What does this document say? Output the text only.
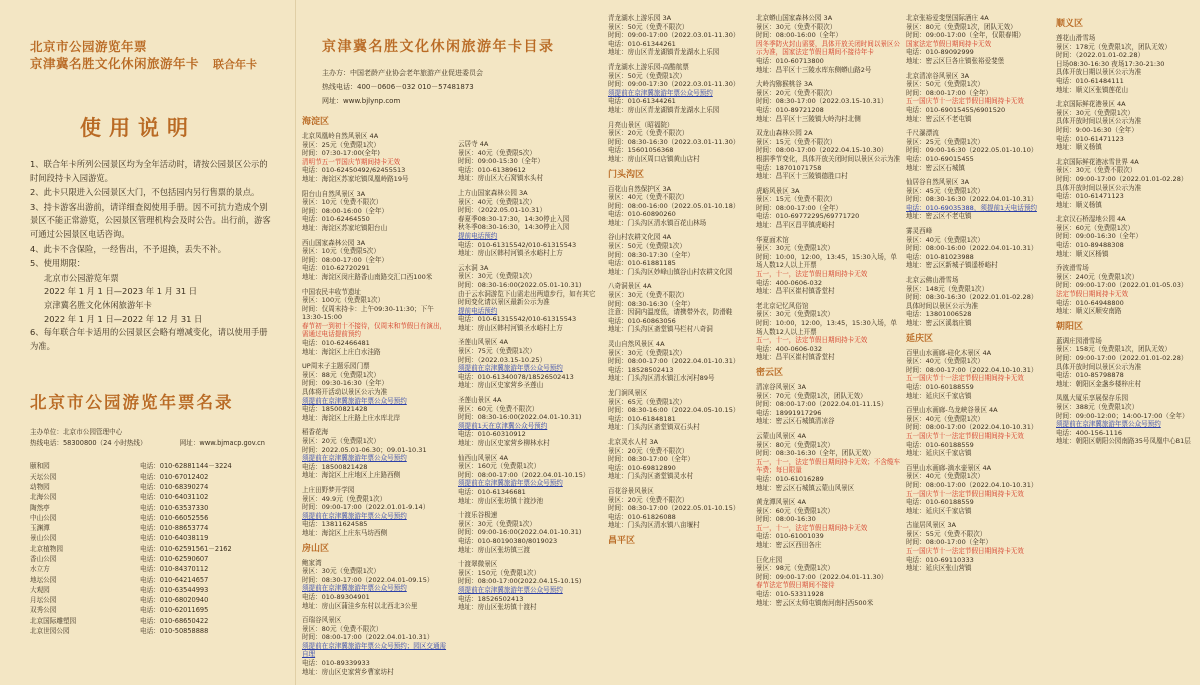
北京市公园游览年票
京津冀名胜文化休闲旅游年卡 联合年卡
使用说明
1、联合年卡所列公园景区均为全年活动时，请按公园景区公示的时间段持卡入园游览。
2、此卡只限进入公园景区大门，不包括园内另行售票的景点。
3、持卡游客出游前，请详细查阅使用手册。因不可抗力造成个别景区不能正常游览，公园景区管理机构会及时公告。出行前，游客可通过公园景区电话咨询。
4、此卡不含保险，一经售出，不予退换，丢失不补。
5、使用期限：
北京市公园游览年票
2022 年 1 月 1 日—2023 年 1 月 31 日
京津冀名胜文化休闲旅游年卡
2022 年 1 月 1 日—2022 年 12 月 31 日
6、每年联合年卡适用的公园景区会略有增减变化，请以使用手册为准。
北京市公园游览年票名录
主办单位：北京市公园管理中心
热线电话：58300800（24 小时热线）	网址：www.bjmacp.gov.cn
颐和园	电话：010-62881144－3224
天坛公园	电话：010-67012402
动物园	电话：010-68390274
北海公园	电话：010-64031102
陶然亭	电话：010-63537330
中山公园	电话：010-66052556
玉渊潭	电话：010-88653774
景山公园	电话：010-64038119
北京植物园	电话：010-62591561－2162
香山公园	电话：010-62590607
水立方	电话：010-84370112
地坛公园	电话：010-64214657
大观园	电话：010-63544993
月坛公园	电话：010-68020940
双秀公园	电话：010-62011695
北京国际雕塑园	电话：010-68650422
北京世园公园	电话：010-50858888
京津冀名胜文化休闲旅游年卡目录
主办方：中国老龄产业协会老年旅游产业促进委员会
热线电话：400－0606－032 010－57481873
网址：www.bjlynp.com
海淀区
北京凤凰岭自然风景区 4A
景区：25元（免费限1次）
时间：07:30-17:00(全年)
清明节五一节国庆节期间持卡无效
电话：010-62450492/62455513
地址：海淀区苏家坨镇凤凰岭路19号
阳台山自然风景区 3A
景区：10元（免费不限次）
时间：08:00-16:00（全年）
电话：010-62464550
地址：海淀区苏家坨镇阳台山
西山国家森林公园 3A
景区：10元（免费限5次）
时间：08:00-17:00（全年）
电话：010-62720291
地址：海淀区闵庄路香山南路交汇口西100米
中国农民丰收节遗址
景区：100元（免费限1次）
时间：仅周末持卡：上午09:30-11:30；下午13:30-15:00
春节初一到初十不接待，仅周末和节假日有演出，需通过电话提前预约
电话：010-62466481
地址：海淀区上庄白水洼路
UP周末子主题乐园门票
景区：88元（免费限1次）
时间：09:30-16:30（全年）
具体将开活动以景区公示为准
须提前在京津冀旅游年票公众号预约
电话：18500821428
地址：海淀区上庄路上庄水库北岸
稻香花海
景区：20元（免费限1次）
时间：2022.05.01-06.30；09.01-10.31
须提前在京津冀旅游年票公众号预约
电话：18500821428
地址：海淀区上庄地区上庄路西侧
上庄田野梦开学园
景区：49.9元（免费限1次）
时间：09:00-17:00（2022.01.01-9.14）
须提前在京津冀旅游年票公众号预约
电话：13811624585
地址：海淀区上庄东马坊西侧
房山区
鲍家湾
景区：30元（免费限1次）
时间：08:30-17:00（2022.04.01-09.15）
须提前在京津冀旅游年票公众号预约
电话：010-89304901
地址：房山区蒲洼乡东村以北西北3公里
百瑞谷风景区
景区：80元（免费不限次）
时间：08:00-17:00（2022.04.01-10.31）
须提前在京津冀旅游年票公众号预约；园区交通需自理
电话：010-89339933
地址：房山区史家营乡曹家坊村
云居寺 4A
景区：40元（免费限5次）
时间：09:00-15:30（全年）
电话：010-61389612
地址：房山区大石窝镇水头村
上方山国家森林公园 3A
景区：40元（免费限1次）
时间：（2022.05.01-10.31）
春夏季08:30-17:30，14:30停止入园
秋冬季08:30-16:30，14:30停止入园
提前电话预约
电话：010-61315542/010-61315543
地址：房山区韩村河镇圣水峪村上方
云水洞 3A
景区：30元（免费限1次）
时间：08:30-16:00(2022.05.01-10.31)
由于云水洞游览下山需走出两道步行，如有其它时间变化请以景区最新公示为准
提前电话预约
电话：010-61315542/010-61315543
地址：房山区韩村河镇圣水峪村上方
圣莲山风景区 4A
景区：75元（免费限1次）
时间：（2022.03.15-10.25）
须提前在京津冀旅游年票公众号预约
电话：010-61340078/18526502413
地址：房山区史家营乡圣莲山
圣莲山景区 4A
景区：60元（免费不限次）
时间：08:30-16:00(2022.04.01-10.31)
须提前1天在京津冀公众号预约
电话：010-60310912
地址：房山区史家营乡柳林水村
仙西山风景区 4A
景区：160元（免费限1次）
时间：08:00-17:00（2022.04.01-10.15）
须提前在京津冀旅游年票公众号预约
电话：010-61346681
地址：房山区张坊镇十渡沙池
十渡乐谷极速
景区：30元（免费限1次）
时间：09:00-16:00(2022.04.01-10.31)
电话：010-80190380/8019023
地址：房山区张坊镇三渡
十渡翠微景区
景区：150元（免费限1次）
时间：08:00-17:00(2022.04.15-10.15)
须提前在京津冀旅游年票公众号预约
电话：18526502413
地址：房山区张坊镇十渡村
青龙湖水上游乐园 3A
景区：50元（免费不限次）
时间：09:00-17:00（2022.03.01-11.30）
电话：010-61344261
地址：房山区青龙湖镇青龙湖水上乐园
青龙湖水上游乐园-高酷航票
景区：50元（免费限1次）
时间：09:00-17:30（2022.03.01-11.30）
须提前在京津冀旅游年票公众号预约
电话：010-61344261
地址：房山区青龙湖镇青龙湖水上乐园
月亮山景区（昭福院）
景区：20元（免费不限次）
时间：08:30-16:30（2022.03.01-11.30）
电话：15601056368
地址：房山区周口店镇黄山店村
门头沟区
百花山自然保护区 3A
景区：40元（免费不限次）
时间：08:00-16:00（2022.05.01-10.18）
电话：010-60890260
地址：门头沟区清水镇百花山林场
谷山村农耕文化园 4A
景区：50元（免费限1次）
时间：08:30-17:30（全年）
电话：010-61881185
地址：门头沟区妙峰山镇谷山村农耕文化园
八奇洞景区 4A
景区：30元（免费不限次）
时间：08:30-16:30（全年）
注意：因洞内温度低，请携带外衣，防滑鞋
电话：010-60863056
地址：门头沟区斋堂镇马栏村八奇洞
灵山自然风景区 4A
景区：30元（免费限1次）
时间：08:00-17:00（2022.04.01-10.31）
电话：18528502413
地址：门头沟区清水镇江水河村89号
龙门涧风景区
景区：65元（免费限1次）
时间：08:30-16:00（2022.04.05-10.15）
电话：010-61848181
地址：门头沟区斋堂镇双石头村
北京灵水人村 3A
景区：20元（免费不限次）
时间：08:30-17:00（全年）
电话：010-69812890
地址：门头沟区斋堂镇灵水村
百花谷景风景区
景区：20元（免费不限次）
时间：08:30-17:00（2022.05.01-10.15）
电话：010-61826088
地址：门头沟区清水镇八亩堰村
昌平区
北京蟒山国家森林公园 3A
景区：30元（免费不限次）
时间：08:00-16:00（全年）
因冬季防火封山需要，具体开放关闭时间以景区公示为准，国家法定节假日期间不接待年卡
电话：010-60713800
地址：昌平区十三陵水库东侧蟒山路2号
大岭沟猕猴桃谷 3A
景区：20元（免费不限次）
时间：08:30-17:00（2022.03.15-10.31）
电话：010-89721208
地址：昌平区十三陵镇大岭沟村北侧
双龙山森林公园 2A
景区：15元（免费不限次）
时间：08:00-17:00（2022.04.15-10.30）
根据季节变化，具体开放关闭时间以景区公示为准
电话：18701071758
地址：昌平区十三陵镇德胜口村
虎峪风景区 3A
景区：15元（免费不限次）
时间：08:00-17:00（全年）
电话：010-69772295/69771720
地址：昌平区昌平镇虎峪村
华夏面术馆
景区：30元（免费限1次）
时间：10:00，12:00，13:45，15:30入场，单场人数12人以上开票
五一，十一，法定节假日期间持卡无效
电话：400-0606-032
地址：昌平区崔村镇香堂村
老北京记忆风俗馆
景区：30元（免费限1次）
时间：10:00，12:00，13:45，15:30入场，单场人数12人以上开票
五一，十一，法定节假日期间持卡无效
电话：400-0606-032
地址：昌平区崔村镇香堂村
密云区
清凉谷风景区 3A
景区：70元（免费限1次，团队无效）
时间：08:00-17:00（2022.04.01-11.15）
电话：18991917296
地址：密云区石城镇清凉谷
云蒙山风景区 4A
景区：80元（免费限1次）
时间：08:30-16:30（全年，团队无效）
五一，十一，法定节假日期间持卡无效；不含缆车车费；每日限量
电话：010-61016289
地址：密云区石城镇云蒙山风景区
黄龙潭风景区 4A
景区：60元（免费限1次）
时间：08:00-16:30
五一，十一，法定节假日期间持卡无效
电话：010-61001039
地址：密云区西田各庄
巨化庄园
景区：98元（免费限1次）
时间：09:00-17:00（2022.04.01-11.30）
春节法定节假日期间不接待
电话：010-53311928
地址：密云区太师屯镇南河南村西500米
北京张裕爱斐堡国际酒庄 4A
景区：80元（免费限1次，团队无效）
时间：09:00-17:00（全年，仅限春期）
国家法定节假日期间持卡无效
电话：010-89092999
地址：密云区巨各庄镇张裕爱斐堡
北京清凉谷风景区 3A
景区：50元（免费限1次）
时间：08:00-17:00（全年）
五一国庆节十一法定节假日期间持卡无效
电话：010-69015455/6901520
地址：密云区不老屯镇
千尺瀑漂流
景区：25元（免费限1次）
时间：09:00-16:30（2022.05.01-10.10）
电话：010-69015455
地址：密云区石城镇
仙居谷自然风景区 3A
景区：45元（免费限1次）
时间：08:30-16:30（2022.04.01-10.31）
电话：010-69035388，须提前1天电话预约
地址：密云区不老屯镇
雾灵西峰
景区：40元（免费限1次）
时间：08:00-16:00（2022.04.01-10.31）
电话：010-81023988
地址：密云区新城子镇遥桥峪村
北京云佛山滑雪场
景区：148元（免费限1次）
时间：08:30-16:30（2022.01.01-02.28）
具体时间以景区公示为准
电话：13801006528
地址：密云区溪翁庄镇
延庆区
百里山水画廊-硅化木景区 4A
景区：40元（免费限1次）
时间：08:00-17:00（2022.04.10-10.31）
五一国庆节十一法定节假日期间持卡无效
电话：010-60188559
地址：延庆区千家店镇
百里山水画廊-乌龙峡谷景区 4A
景区：40元（免费限1次）
时间：08:00-17:00（2022.04.10-10.31）
五一国庆节十一法定节假日期间持卡无效
电话：010-60188559
地址：延庆区千家店镇
百里山水画廊-滴水壶景区 4A
景区：40元（免费限1次）
时间：08:00-17:00（2022.04.10-10.31）
五一国庆节十一法定节假日期间持卡无效
电话：010-60188559
地址：延庆区千家店镇
古崖居风景区 3A
景区：55元（免费不限次）
时间：08:00-17:00（全年）
五一国庆节十一法定节假日期间持卡无效
电话：010-69110333
地址：延庆区张山营镇
顺义区
莲花山滑雪场
景区：178元（免费限1次，团队无效）
时间：（2022.01.01-02.28）
日场08:30-16:30 夜场17:30-21:30
具体开放日期以景区公示为准
电话：010-61484111
地址：顺义区张镇莲花山
北京国际鲜花港景区 4A
景区：30元（免费限1次）
具体开放时间以景区公示为准
时间：9:00-16:30（全年）
电话：010-61471123
地址：顺义杨镇
北京国际鲜花港冰雪世界 4A
景区：30元（免费不限次）
时间：09:00-17:00（2022.01.01-02.28）
具体开放时间以景区公示为准
电话：010-61471123
地址：顺义杨镇
北京汉石桥湿地公园 4A
景区：60元（免费限1次）
时间：09:00-16:30（全年）
电话：010-89488308
地址：顺义区杨镇
乔波滑雪场
景区：240元（免费限1次）
时间：09:00-17:00（2022.01.01-05.03）
法定节假日期间持卡无效
电话：010-64948800
地址：顺义区顺安南路
朝阳区
蓝调庄园滑雪场
景区：158元（免费限1次，团队无效）
时间：09:00-17:00（2022.01.01-02.28）
具体开放时间以景区公示为准
电话：010-85798878
地址：朝阳区金盏乡楼梓庄村
凤凰大厦乐享展保存乐园
景区：388元（免费限1次）
时间：09:00-12:00；14:00-17:00（全年）
须提前在京津冀旅游年票公众号预约
电话：400-156-1116
地址：朝阳区朝阳公园南路35号凤凰中心B1层
